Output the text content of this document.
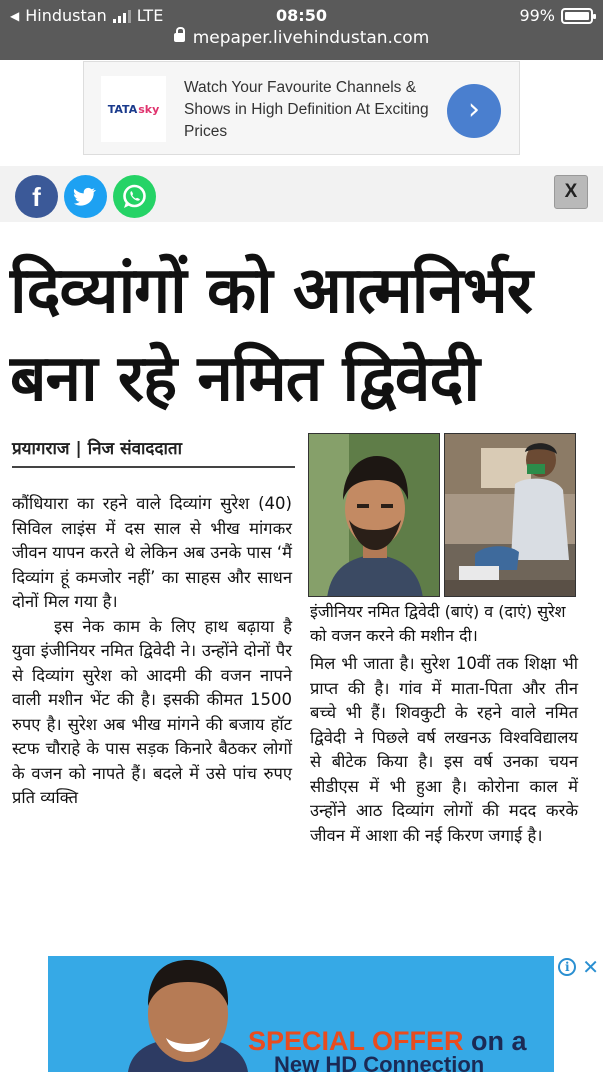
◀ Hindustan LTE	08:50	99%
mepaper.livehindustan.com
TATA sky
Watch Your Favourite Channels & Shows in High Definition At Exciting Prices
›
f	X
दिव्यांगों को आत्मनिर्भर
बना रहे नमित द्विवेदी
प्रयागराज | निज संवाददाता

कौंधियारा का रहने वाले दिव्यांग सुरेश (40) सिविल लाइंस में दस साल से भीख मांगकर जीवन यापन करते थे लेकिन अब उनके पास ‘मैं दिव्यांग हूं कमजोर नहीं’ का साहस और साधन दोनों मिल गया है।

इस नेक काम के लिए हाथ बढ़ाया है युवा इंजीनियर नमित द्विवेदी ने। उन्होंने दोनों पैर से दिव्यांग सुरेश को आदमी की वजन नापने वाली मशीन भेंट की है। इसकी कीमत 1500 रुपए है। सुरेश अब भीख मांगने की बजाय हॉट स्टफ चौराहे के पास सड़क किनारे बैठकर लोगों के वजन को नापते हैं। बदले में उसे पांच रुपए प्रति व्यक्ति

इंजीनियर नमित द्विवेदी (बाएं) व (दाएं) सुरेश को वजन करने की मशीन दी।

मिल भी जाता है। सुरेश 10वीं तक शिक्षा भी प्राप्त की है। गांव में माता-पिता और तीन बच्चे भी हैं। शिवकुटी के रहने वाले नमित द्विवेदी ने पिछले वर्ष लखनऊ विश्वविद्यालय से बीटेक किया है। इस वर्ष उनका चयन सीडीएस में भी हुआ है। कोरोना काल में उन्होंने आठ दिव्यांग लोगों की मदद करके जीवन में आशा की नई किरण जगाई है।

SPECIAL OFFER on a
New HD Connection
i ✕
